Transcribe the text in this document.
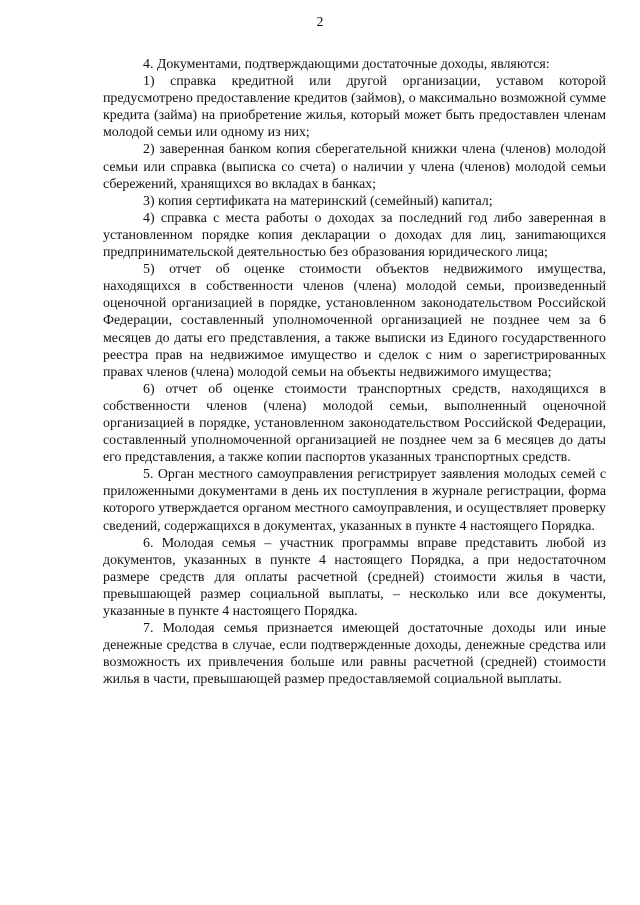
2

4. Документами, подтверждающими достаточные доходы, являются:

1) справка кредитной или другой организации, уставом которой предусмотрено предоставление кредитов (займов), о максимально возможной сумме кредита (займа) на приобретение жилья, который может быть предоставлен членам молодой семьи или одному из них;

2) заверенная банком копия сберегательной книжки члена (членов) молодой семьи или справка (выписка со счета) о наличии у члена (членов) молодой семьи сбережений, хранящихся во вкладах в банках;

3) копия сертификата на материнский (семейный) капитал;

4) справка с места работы о доходах за последний год либо заверенная в установленном порядке копия декларации о доходах для лиц, заниmающихся предпринимательской деятельностью без образования юридического лица;

5) отчет об оценке стоимости объектов недвижимого имущества, находящихся в собственности членов (члена) молодой семьи, произведенный оценочной организацией в порядке, установленном законодательством Российской Федерации, составленный уполномоченной организацией не позднее чем за 6 месяцев до даты его представления, а также выписки из Единого государственного реестра прав на недвижимое имущество и сделок с ним о зарегистрированных правах членов (члена) молодой семьи на объекты недвижимого имущества;

6) отчет об оценке стоимости транспортных средств, находящихся в собственности членов (члена) молодой семьи, выполненный оценочной организацией в порядке, установленном законодательством Российской Федерации, составленный уполномоченной организацией не позднее чем за 6 месяцев до даты его представления, а также копии паспортов указанных транспортных средств.

5. Орган местного самоуправления регистрирует заявления молодых семей с приложенными документами в день их поступления в журнале регистрации, форма которого утверждается органом местного самоуправления, и осуществляет проверку сведений, содержащихся в документах, указанных в пункте 4 настоящего Порядка.

6. Молодая семья – участник программы вправе представить любой из документов, указанных в пункте 4 настоящего Порядка, а при недостаточном размере средств для оплаты расчетной (средней) стоимости жилья в части, превышающей размер социальной выплаты, – несколько или все документы, указанные в пункте 4 настоящего Порядка.

7. Молодая семья признается имеющей достаточные доходы или иные денежные средства в случае, если подтвержденные доходы, денежные средства или возможность их привлечения больше или равны расчетной (средней) стоимости жилья в части, превышающей размер предоставляемой социальной выплаты.
